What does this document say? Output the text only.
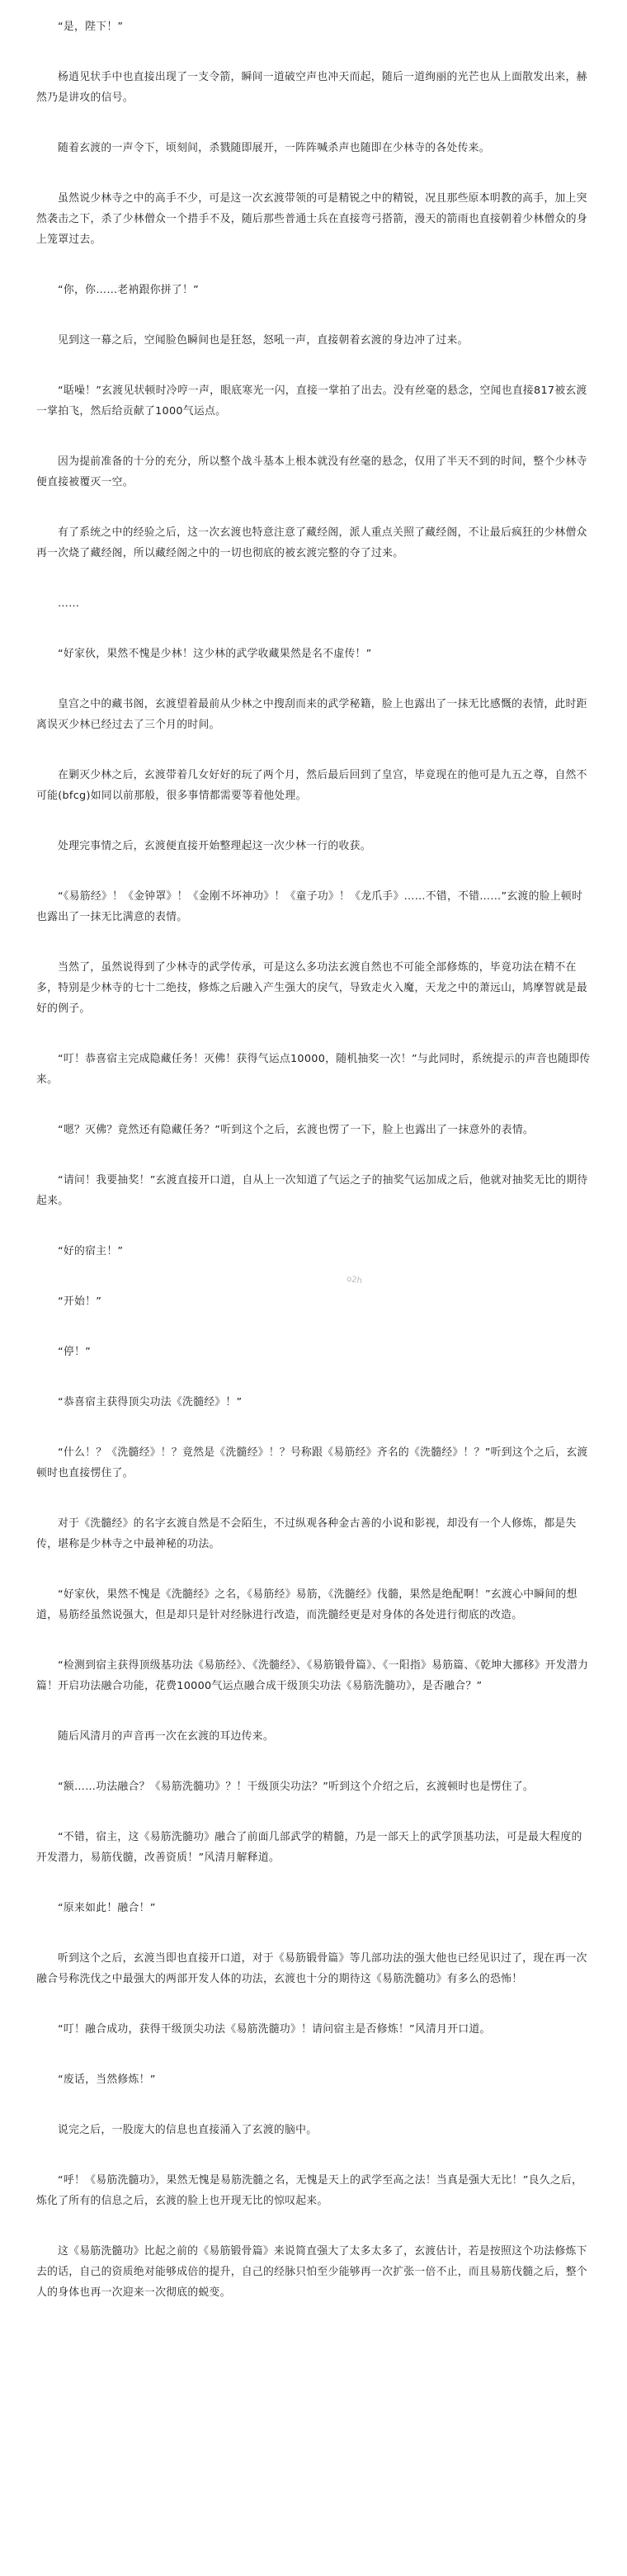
o2h

“是，陛下！”

杨逍见状手中也直接出现了一支令箭，瞬间一道破空声也冲天而起，随后一道绚丽的光芒也从上面散发出来，赫然乃是讲攻的信号。

随着玄渡的一声令下，顷刻间，杀戮随即展开，一阵阵喊杀声也随即在少林寺的各处传来。

虽然说少林寺之中的高手不少，可是这一次玄渡带领的可是精锐之中的精锐，况且那些原本明教的高手，加上突然袭击之下，杀了少林僧众一个措手不及，随后那些普通士兵在直接弯弓搭箭，漫天的箭雨也直接朝着少林僧众的身上笼罩过去。

“你，你……老衲跟你拼了！”

见到这一幕之后，空闻脸色瞬间也是狂怒，怒吼一声，直接朝着玄渡的身边冲了过来。

“聒噪！”玄渡见状顿时冷哼一声，眼底寒光一闪，直接一掌拍了出去。没有丝毫的悬念，空闻也直接817被玄渡一掌拍飞，然后给贡献了1000气运点。

因为提前准备的十分的充分，所以整个战斗基本上根本就没有丝毫的悬念，仅用了半天不到的时间，整个少林寺便直接被覆灭一空。

有了系统之中的经验之后，这一次玄渡也特意注意了藏经阁，派人重点关照了藏经阁，不让最后疯狂的少林僧众再一次烧了藏经阁，所以藏经阁之中的一切也彻底的被玄渡完整的夺了过来。

……

“好家伙，果然不愧是少林！这少林的武学收藏果然是名不虚传！”

皇宫之中的藏书阁，玄渡望着最前从少林之中搜刮而来的武学秘籍，脸上也露出了一抹无比感慨的表情，此时距离误灭少林已经过去了三个月的时间。

在剿灭少林之后，玄渡带着几女好好的玩了两个月，然后最后回到了皇宫，毕竟现在的他可是九五之尊，自然不可能(bfcg)如同以前那般，很多事情都需要等着他处理。

处理完事情之后，玄渡便直接开始整理起这一次少林一行的收获。

“《易筋经》！《金钟罩》！《金刚不坏神功》！《童子功》！《龙爪手》……不错，不错……”玄渡的脸上顿时也露出了一抹无比满意的表情。

当然了，虽然说得到了少林寺的武学传承，可是这么多功法玄渡自然也不可能全部修炼的，毕竟功法在精不在多，特别是少林寺的七十二绝技，修炼之后融入产生强大的戾气，导致走火入魔，天龙之中的萧远山，鸠摩智就是最好的例子。

“叮！恭喜宿主完成隐藏任务！灭佛！获得气运点10000，随机抽奖一次！”与此同时，系统提示的声音也随即传来。

“嗯？灭佛？竟然还有隐藏任务？”听到这个之后，玄渡也愣了一下，脸上也露出了一抹意外的表情。

“请问！我要抽奖！”玄渡直接开口道，自从上一次知道了气运之子的抽奖气运加成之后，他就对抽奖无比的期待起来。

“好的宿主！”

“开始！”

“停！”

“恭喜宿主获得顶尖功法《洗髓经》！”

“什么！？《洗髓经》！？竟然是《洗髓经》！？号称跟《易筋经》齐名的《洗髓经》！？”听到这个之后，玄渡顿时也直接愣住了。

对于《洗髓经》的名字玄渡自然是不会陌生，不过纵观各种金古善的小说和影视，却没有一个人修炼，都是失传，堪称是少林寺之中最神秘的功法。

“好家伙，果然不愧是《洗髓经》之名，《易筋经》易筋，《洗髓经》伐髓，果然是绝配啊！”玄渡心中瞬间的想道，易筋经虽然说强大，但是却只是针对经脉进行改造，而洗髓经更是对身体的各处进行彻底的改造。

“检测到宿主获得顶级基功法《易筋经》、《洗髓经》、《易筋锻骨篇》、《一阳指》易筋篇、《乾坤大挪移》开发潜力篇！开启功法融合功能，花费10000气运点融合成干级顶尖功法《易筋洗髓功》，是否融合？”

随后风清月的声音再一次在玄渡的耳边传来。

“额……功法融合？《易筋洗髓功》？！干级顶尖功法？”听到这个介绍之后，玄渡顿时也是愣住了。

“不错，宿主，这《易筋洗髓功》融合了前面几部武学的精髓，乃是一部天上的武学顶基功法，可是最大程度的开发潜力，易筋伐髓，改善资质！”风清月解释道。

“原来如此！融合！”

听到这个之后，玄渡当即也直接开口道，对于《易筋锻骨篇》等几部功法的强大他也已经见识过了，现在再一次融合号称洗伐之中最强大的两部开发人体的功法，玄渡也十分的期待这《易筋洗髓功》有多么的恐怖！

“叮！融合成功，获得干级顶尖功法《易筋洗髓功》！请问宿主是否修炼！”风清月开口道。

“废话，当然修炼！”

说完之后，一股庞大的信息也直接涌入了玄渡的脑中。

“呼！《易筋洗髓功》，果然无愧是易筋洗髓之名，无愧是天上的武学至高之法！当真是强大无比！”良久之后，炼化了所有的信息之后，玄渡的脸上也开现无比的惊叹起来。

这《易筋洗髓功》比起之前的《易筋锻骨篇》来说简直强大了太多太多了，玄渡估计，若是按照这个功法修炼下去的话，自己的资质绝对能够成倍的提升，自己的经脉只怕至少能够再一次扩张一倍不止，而且易筋伐髓之后，整个人的身体也再一次迎来一次彻底的蜕变。
